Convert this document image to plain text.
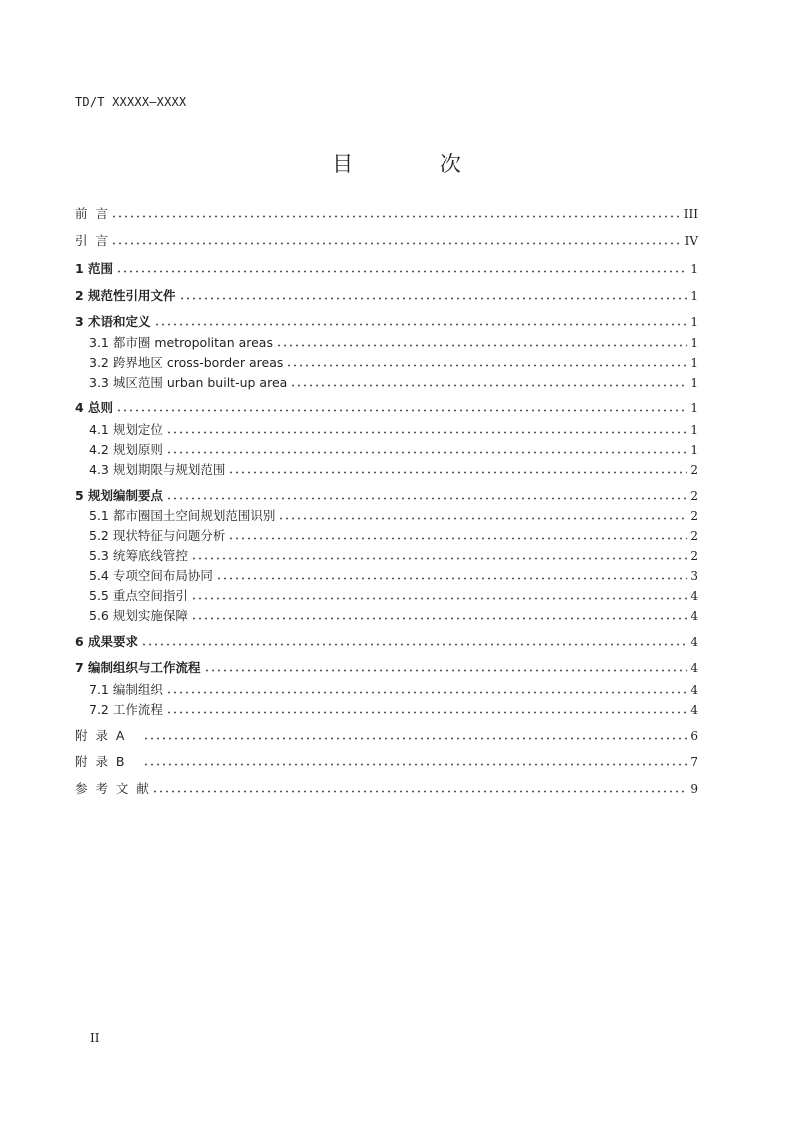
TD/T XXXXX—XXXX
目 次
前  言	III
引  言	IV
1 范围	1
2 规范性引用文件	1
3 术语和定义	1
3.1 都市圈 metropolitan areas	1
3.2 跨界地区 cross-border areas	1
3.3 城区范围 urban built-up area	1
4 总则	1
4.1 规划定位	1
4.2 规划原则	1
4.3 规划期限与规划范围	2
5 规划编制要点	2
5.1 都市圈国土空间规划范围识别	2
5.2 现状特征与问题分析	2
5.3 统筹底线管控	2
5.4 专项空间布局协同	3
5.5 重点空间指引	4
5.6 规划实施保障	4
6 成果要求	4
7 编制组织与工作流程	4
7.1 编制组织	4
7.2 工作流程	4
附  录  A	6
附  录  B	7
参  考  文  献	9
II
